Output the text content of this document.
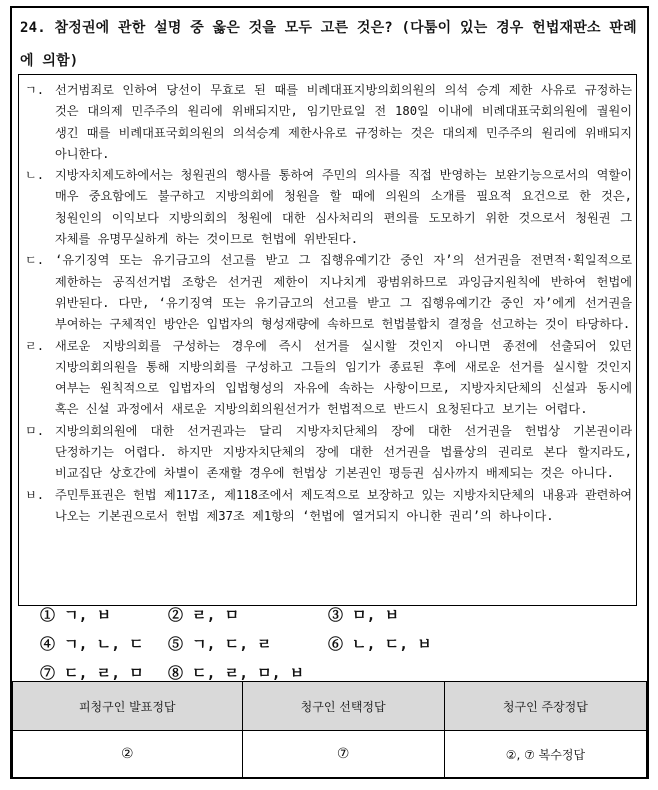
24. 참정권에 관한 설명 중 옳은 것을 모두 고른 것은? (다툼이 있는 경우 헌법재판소 판례에 의함)
ㄱ. 선거범죄로 인하여 당선이 무효로 된 때를 비례대표지방의회의원의 의석 승계 제한 사유로 규정하는 것은 대의제 민주주의 원리에 위배되지만, 임기만료일 전 180일 이내에 비례대표국회의원에 궐원이 생긴 때를 비례대표국회의원의 의석승계 제한사유로 규정하는 것은 대의제 민주주의 원리에 위배되지 아니한다.
ㄴ. 지방자치제도하에서는 청원권의 행사를 통하여 주민의 의사를 직접 반영하는 보완기능으로서의 역할이 매우 중요함에도 불구하고 지방의회에 청원을 할 때에 의원의 소개를 필요적 요건으로 한 것은, 청원인의 이익보다 지방의회의 청원에 대한 심사처리의 편의를 도모하기 위한 것으로서 청원권 그 자체를 유명무실하게 하는 것이므로 헌법에 위반된다.
ㄷ. ‘유기징역 또는 유기금고의 선고를 받고 그 집행유예기간 중인 자’의 선거권을 전면적·획일적으로 제한하는 공직선거법 조항은 선거권 제한이 지나치게 광범위하므로 과잉금지원칙에 반하여 헌법에 위반된다. 다만, ‘유기징역 또는 유기금고의 선고를 받고 그 집행유예기간 중인 자’에게 선거권을 부여하는 구체적인 방안은 입법자의 형성재량에 속하므로 헌법불합치 결정을 선고하는 것이 타당하다.
ㄹ. 새로운 지방의회를 구성하는 경우에 즉시 선거를 실시할 것인지 아니면 종전에 선출되어 있던 지방의회의원을 통해 지방의회를 구성하고 그들의 임기가 종료된 후에 새로운 선거를 실시할 것인지 여부는 원칙적으로 입법자의 입법형성의 자유에 속하는 사항이므로, 지방자치단체의 신설과 동시에 혹은 신설 과정에서 새로운 지방의회의원선거가 헌법적으로 반드시 요청된다고 보기는 어렵다.
ㅁ. 지방의회의원에 대한 선거권과는 달리 지방자치단체의 장에 대한 선거권을 헌법상 기본권이라 단정하기는 어렵다. 하지만 지방자치단체의 장에 대한 선거권을 법률상의 권리로 본다 할지라도, 비교집단 상호간에 차별이 존재할 경우에 헌법상 기본권인 평등권 심사까지 배제되는 것은 아니다.
ㅂ. 주민투표권은 헌법 제117조, 제118조에서 제도적으로 보장하고 있는 지방자치단체의 내용과 관련하여 나오는 기본권으로서 헌법 제37조 제1항의 ‘헌법에 열거되지 아니한 권리’의 하나이다.
① ㄱ, ㅂ	② ㄹ, ㅁ	③ ㅁ, ㅂ
④ ㄱ, ㄴ, ㄷ	⑤ ㄱ, ㄷ, ㄹ	⑥ ㄴ, ㄷ, ㅂ
⑦ ㄷ, ㄹ, ㅁ	⑧ ㄷ, ㄹ, ㅁ, ㅂ
피청구인 발표정답	청구인 선택정답	청구인 주장정답
②	⑦	②, ⑦ 복수정답
